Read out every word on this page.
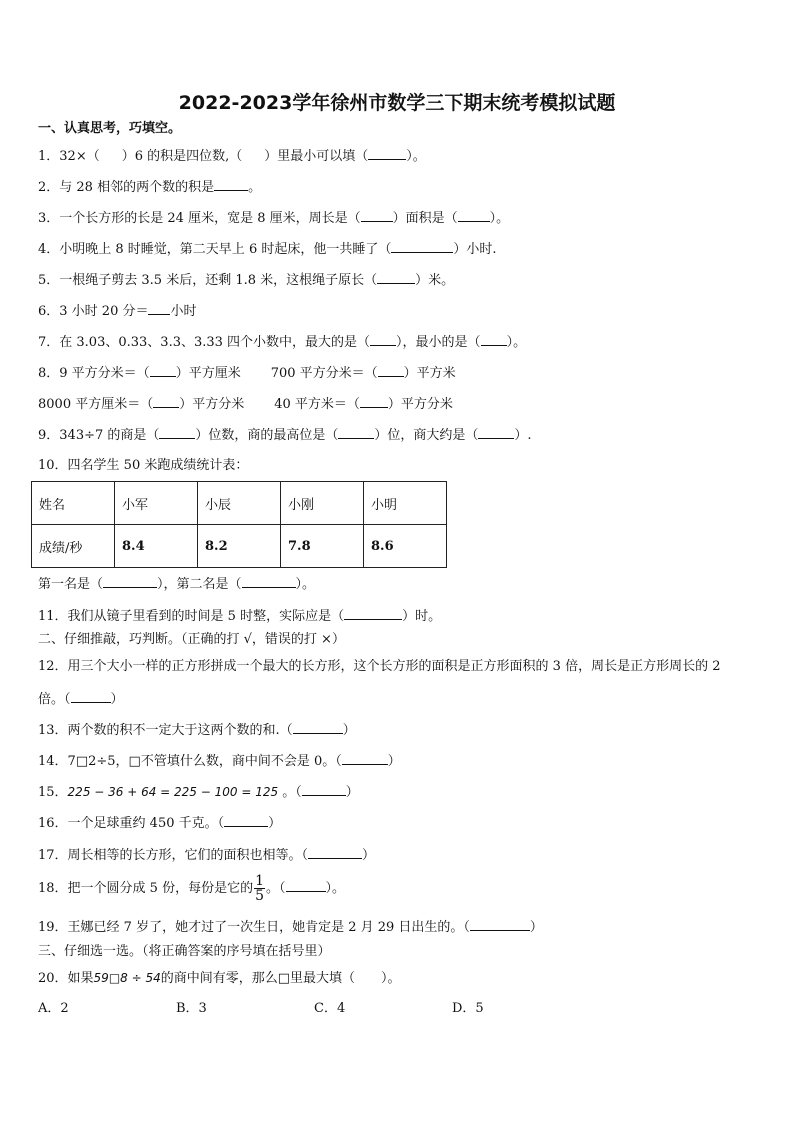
2022-2023学年徐州市数学三下期末统考模拟试题
一、认真思考，巧填空。
1．32×（ ）6 的积是四位数,（ ）里最小可以填（	）。
2．与 28 相邻的两个数的积是	。
3．一个长方形的长是 24 厘米，宽是 8 厘米，周长是（ ）面积是（ ）。
4．小明晚上 8 时睡觉，第二天早上 6 时起床，他一共睡了（	）小时.
5．一根绳子剪去 3.5 米后，还剩 1.8 米，这根绳子原长（	）米。
6．3 小时 20 分＝ 小时
7．在 3.03、0.33、3.3、3.33 四个小数中，最大的是（ ），最小的是（ ）。
8．9 平方分米＝（ ）平方厘米 700 平方分米＝（ ）平方米
8000 平方厘米＝（ ）平方分米 40 平方米＝（ ）平方分米
9．343÷7 的商是（	）位数，商的最高位是（	）位，商大约是（	）.
10．四名学生 50 米跑成绩统计表：
姓名	小军	小辰	小刚	小明
成绩/秒	8.4	8.2	7.8	8.6
第一名是（	），第二名是（	）。
11．我们从镜子里看到的时间是 5 时整，实际应是（	）时。
二、仔细推敲，巧判断。（正确的打 √，错误的打 ×）
12．用三个大小一样的正方形拼成一个最大的长方形，这个长方形的面积是正方形面积的 3 倍，周长是正方形周长的 2
倍。（	）
13．两个数的积不一定大于这两个数的和.（	）
14．7□2÷5，□不管填什么数，商中间不会是 0。（	）
15．225 − 36 + 64 = 225 − 100 = 125 。（	）
16．一个足球重约 450 千克。（	）
17．周长相等的长方形，它们的面积也相等。（	）
18．把一个圆分成 5 份，每份是它的 $\frac{1}{5}$ 。（	）。
19．王娜已经 7 岁了，她才过了一次生日，她肯定是 2 月 29 日出生的。（	）
三、仔细选一选。（将正确答案的序号填在括号里）
20．如果59□8 ÷ 54的商中间有零，那么□里最大填（　　）。
A．2	B．3	C．4	D．5
